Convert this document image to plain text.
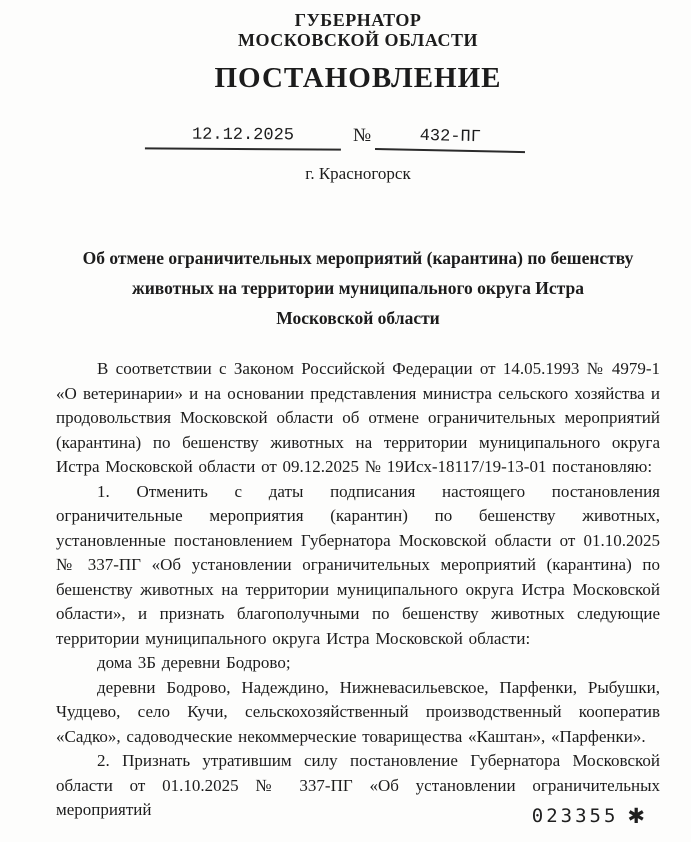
ГУБЕРНАТОР
МОСКОВСКОЙ ОБЛАСТИ
ПОСТАНОВЛЕНИЕ
12.12.2025	№	432-ПГ
г. Красногорск
Об отмене ограничительных мероприятий (карантина) по бешенству
животных на территории муниципального округа Истра
Московской области

В соответствии с Законом Российской Федерации от 14.05.1993 № 4979-1 «О ветеринарии» и на основании представления министра сельского хозяйства и продовольствия Московской области об отмене ограничительных мероприятий (карантина) по бешенству животных на территории муниципального округа Истра Московской области от 09.12.2025 № 19Исх-18117/19-13-01 постановляю:

1. Отменить с даты подписания настоящего постановления ограничительные мероприятия (карантин) по бешенству животных, установленные постановлением Губернатора Московской области от 01.10.2025 № 337-ПГ «Об установлении ограничительных мероприятий (карантина) по бешенству животных на территории муниципального округа Истра Московской области», и признать благополучными по бешенству животных следующие территории муниципального округа Истра Московской области:

дома 3Б деревни Бодрово;

деревни Бодрово, Надеждино, Нижневасильевское, Парфенки, Рыбушки, Чудцево, село Кучи, сельскохозяйственный производственный кооператив «Садко», садоводческие некоммерческие товарищества «Каштан», «Парфенки».

2. Признать утратившим силу постановление Губернатора Московской области от 01.10.2025 № 337-ПГ «Об установлении ограничительных мероприятий	023355 ✱
